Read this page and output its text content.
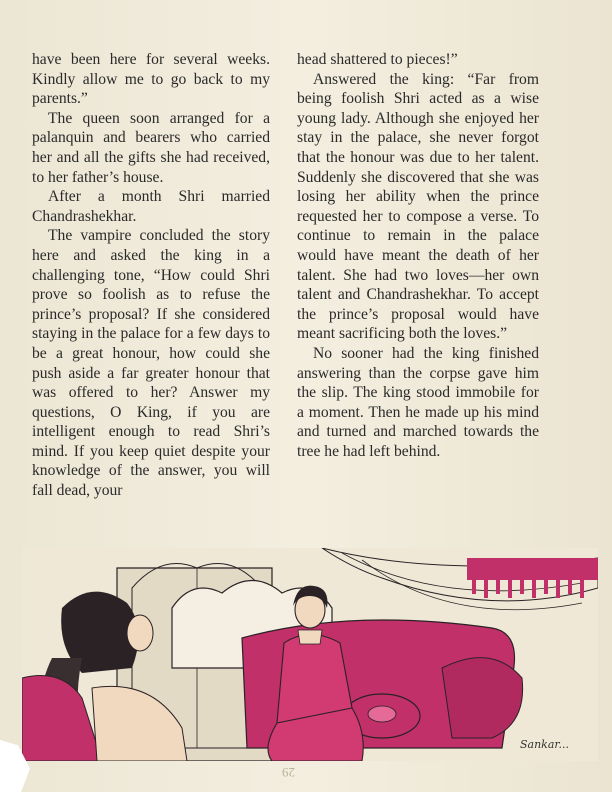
have been here for several weeks. Kindly allow me to go back to my parents.”

The queen soon arranged for a palanquin and bearers who carried her and all the gifts she had received, to her father’s house.

After a month Shri married Chandrashekhar.

The vampire concluded the story here and asked the king in a challenging tone, “How could Shri prove so foolish as to refuse the prince’s proposal? If she considered staying in the palace for a few days to be a great honour, how could she push aside a far greater honour that was offered to her? Answer my questions, O King, if you are intelligent enough to read Shri’s mind. If you keep quiet despite your knowledge of the answer, you will fall dead, your

head shattered to pieces!”

Answered the king: “Far from being foolish Shri acted as a wise young lady. Although she enjoyed her stay in the palace, she never forgot that the honour was due to her talent. Suddenly she discovered that she was losing her ability when the prince requested her to compose a verse. To continue to remain in the palace would have meant the death of her talent. She had two loves—her own talent and Chandrashekhar. To accept the prince’s proposal would have meant sacrificing both the loves.”

No sooner had the king finished answering than the corpse gave him the slip. The king stood immobile for a moment. Then he made up his mind and turned and marched towards the tree he had left behind.

Sankar...
29
